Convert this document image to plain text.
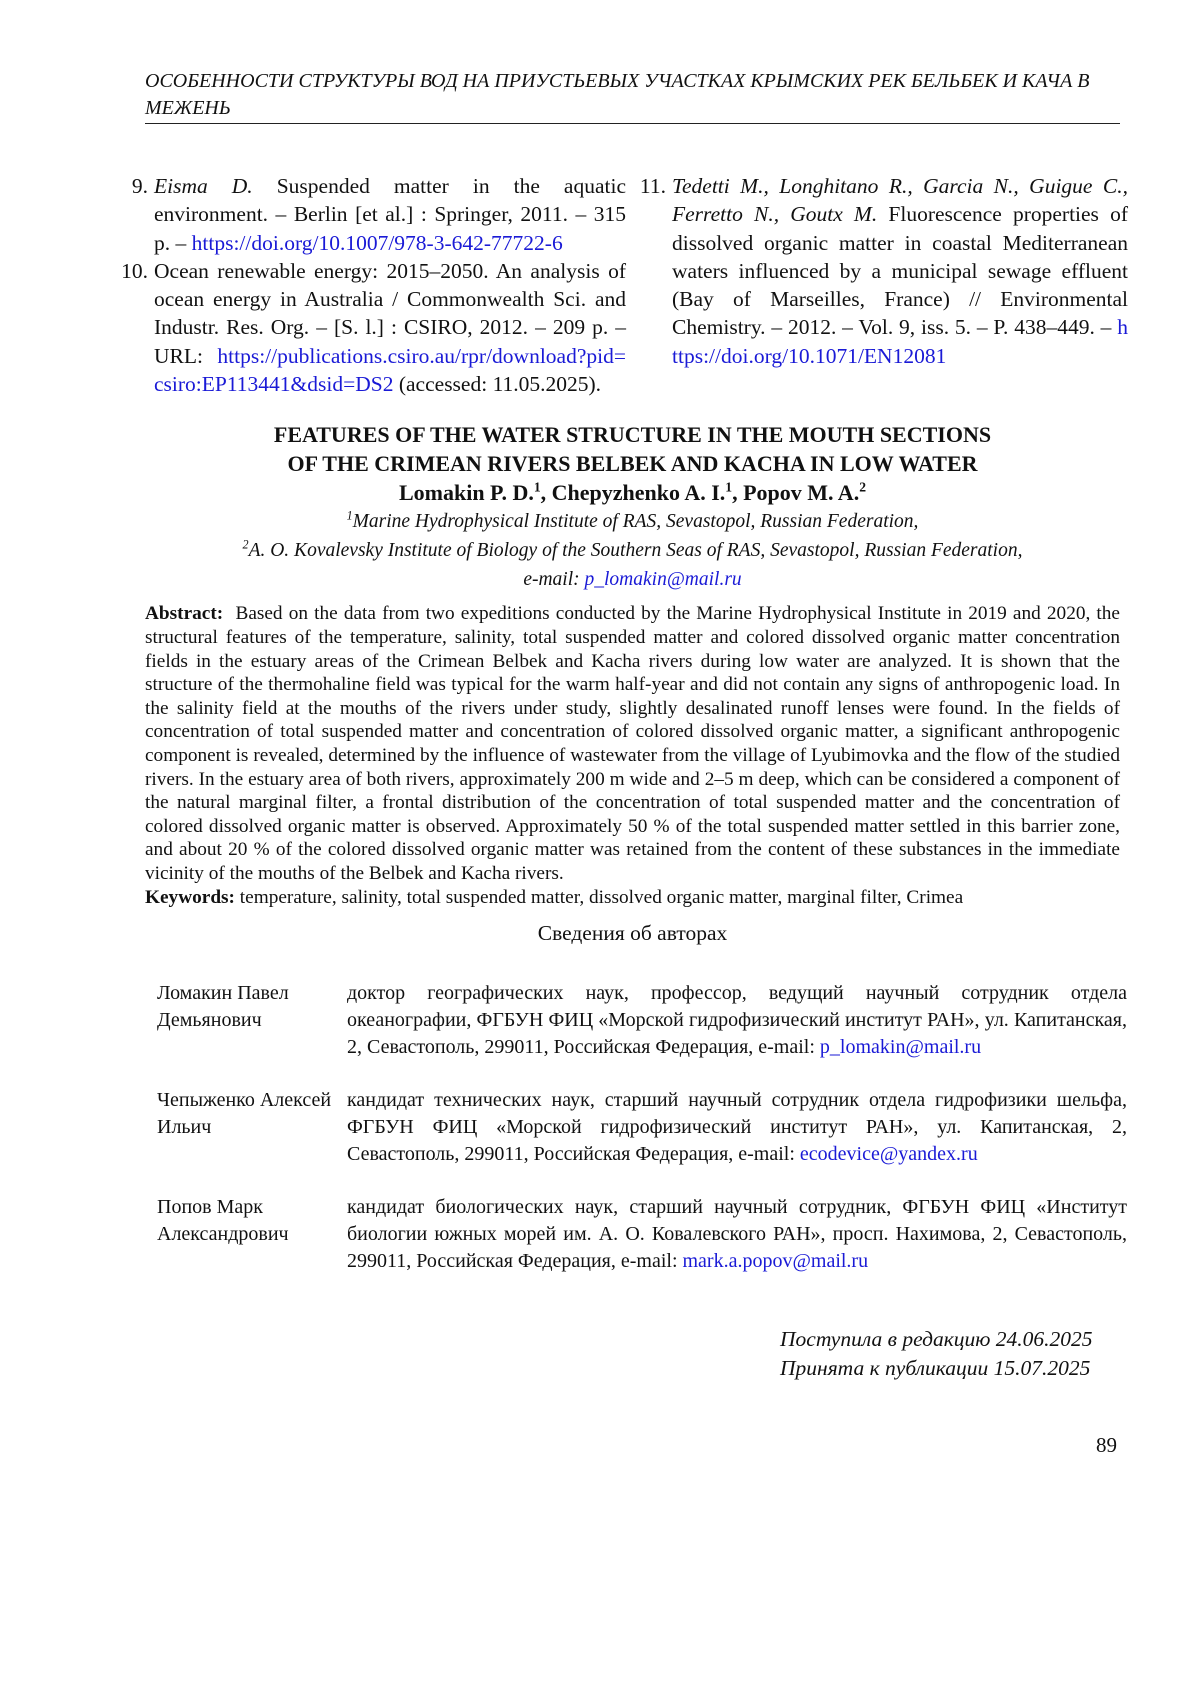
ОСОБЕННОСТИ СТРУКТУРЫ ВОД НА ПРИУСТЬЕВЫХ УЧАСТКАХ КРЫМСКИХ РЕК БЕЛЬБЕК И КАЧА В МЕЖЕНЬ
9. Eisma D. Suspended matter in the aquatic environment. – Berlin [et al.] : Springer, 2011. – 315 p. – https://doi.org/10.1007/978-3-642-77722-6
10. Ocean renewable energy: 2015–2050. An analysis of ocean energy in Australia / Commonwealth Sci. and Industr. Res. Org. – [S. l.] : CSIRO, 2012. – 209 p. – URL: https://publications.csiro.au/rpr/download?pid=csiro:EP113441&dsid=DS2 (accessed: 11.05.2025).
11. Tedetti M., Longhitano R., Garcia N., Guigue C., Ferretto N., Goutx M. Fluorescence properties of dissolved organic matter in coastal Mediterranean waters influenced by a municipal sewage effluent (Bay of Marseilles, France) // Environmental Chemistry. – 2012. – Vol. 9, iss. 5. – P. 438–449. – https://doi.org/10.1071/EN12081
FEATURES OF THE WATER STRUCTURE IN THE MOUTH SECTIONS
OF THE CRIMEAN RIVERS BELBEK AND KACHA IN LOW WATER
Lomakin P. D.$^1$, Chepyzhenko A. I.$^1$, Popov M. A.$^2$
$^1$Marine Hydrophysical Institute of RAS, Sevastopol, Russian Federation,
$^2$A. O. Kovalevsky Institute of Biology of the Southern Seas of RAS, Sevastopol, Russian Federation,
e-mail: p_lomakin@mail.ru
Abstract: Based on the data from two expeditions conducted by the Marine Hydrophysical Institute in 2019 and 2020, the structural features of the temperature, salinity, total suspended matter and colored dissolved organic matter concentration fields in the estuary areas of the Crimean Belbek and Kacha rivers during low water are analyzed. It is shown that the structure of the thermohaline field was typical for the warm half-year and did not contain any signs of anthropogenic load. In the salinity field at the mouths of the rivers under study, slightly desalinated runoff lenses were found. In the fields of concentration of total suspended matter and concentration of colored dissolved organic matter, a significant anthropogenic component is revealed, determined by the influence of wastewater from the village of Lyubimovka and the flow of the studied rivers. In the estuary area of both rivers, approximately 200 m wide and 2–5 m deep, which can be considered a component of the natural marginal filter, a frontal distribution of the concentration of total suspended matter and the concentration of colored dissolved organic matter is observed. Approximately 50 % of the total suspended matter settled in this barrier zone, and about 20 % of the colored dissolved organic matter was retained from the content of these substances in the immediate vicinity of the mouths of the Belbek and Kacha rivers.
Keywords: temperature, salinity, total suspended matter, dissolved organic matter, marginal filter, Crimea
Сведения об авторах
Ломакин Павел Демьянович
доктор географических наук, профессор, ведущий научный сотрудник отдела океанографии, ФГБУН ФИЦ «Морской гидрофизический институт РАН», ул. Капитанская, 2, Севастополь, 299011, Российская Федерация, e-mail: p_lomakin@mail.ru
Чепыженко Алексей Ильич
кандидат технических наук, старший научный сотрудник отдела гидрофизики шельфа, ФГБУН ФИЦ «Морской гидрофизический институт РАН», ул. Капитанская, 2, Севастополь, 299011, Российская Федерация, e-mail: ecodevice@yandex.ru
Попов Марк Александрович
кандидат биологических наук, старший научный сотрудник, ФГБУН ФИЦ «Институт биологии южных морей им. А. О. Ковалевского РАН», просп. Нахимова, 2, Севастополь, 299011, Российская Федерация, e-mail: mark.a.popov@mail.ru
Поступила в редакцию 24.06.2025
Принята к публикации 15.07.2025
89
